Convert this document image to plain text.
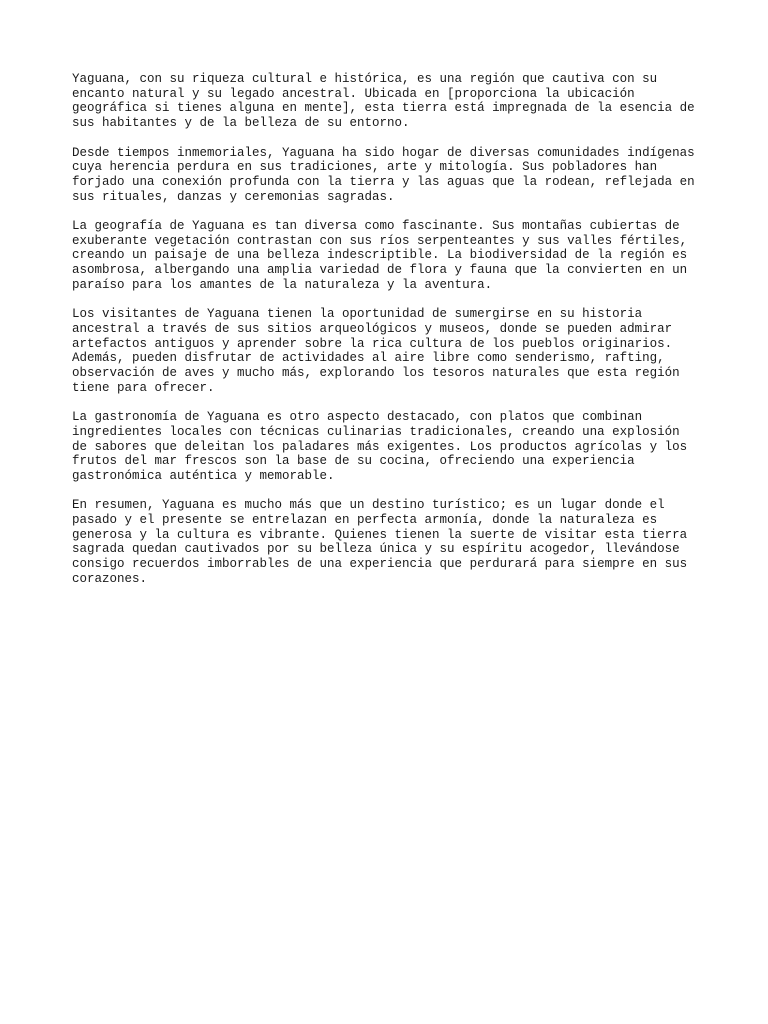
Yaguana, con su riqueza cultural e histórica, es una región que cautiva con su
encanto natural y su legado ancestral. Ubicada en [proporciona la ubicación
geográfica si tienes alguna en mente], esta tierra está impregnada de la esencia de
sus habitantes y de la belleza de su entorno.

Desde tiempos inmemoriales, Yaguana ha sido hogar de diversas comunidades indígenas
cuya herencia perdura en sus tradiciones, arte y mitología. Sus pobladores han
forjado una conexión profunda con la tierra y las aguas que la rodean, reflejada en
sus rituales, danzas y ceremonias sagradas.

La geografía de Yaguana es tan diversa como fascinante. Sus montañas cubiertas de
exuberante vegetación contrastan con sus ríos serpenteantes y sus valles fértiles,
creando un paisaje de una belleza indescriptible. La biodiversidad de la región es
asombrosa, albergando una amplia variedad de flora y fauna que la convierten en un
paraíso para los amantes de la naturaleza y la aventura.

Los visitantes de Yaguana tienen la oportunidad de sumergirse en su historia
ancestral a través de sus sitios arqueológicos y museos, donde se pueden admirar
artefactos antiguos y aprender sobre la rica cultura de los pueblos originarios.
Además, pueden disfrutar de actividades al aire libre como senderismo, rafting,
observación de aves y mucho más, explorando los tesoros naturales que esta región
tiene para ofrecer.

La gastronomía de Yaguana es otro aspecto destacado, con platos que combinan
ingredientes locales con técnicas culinarias tradicionales, creando una explosión
de sabores que deleitan los paladares más exigentes. Los productos agrícolas y los
frutos del mar frescos son la base de su cocina, ofreciendo una experiencia
gastronómica auténtica y memorable.

En resumen, Yaguana es mucho más que un destino turístico; es un lugar donde el
pasado y el presente se entrelazan en perfecta armonía, donde la naturaleza es
generosa y la cultura es vibrante. Quienes tienen la suerte de visitar esta tierra
sagrada quedan cautivados por su belleza única y su espíritu acogedor, llevándose
consigo recuerdos imborrables de una experiencia que perdurará para siempre en sus
corazones.
